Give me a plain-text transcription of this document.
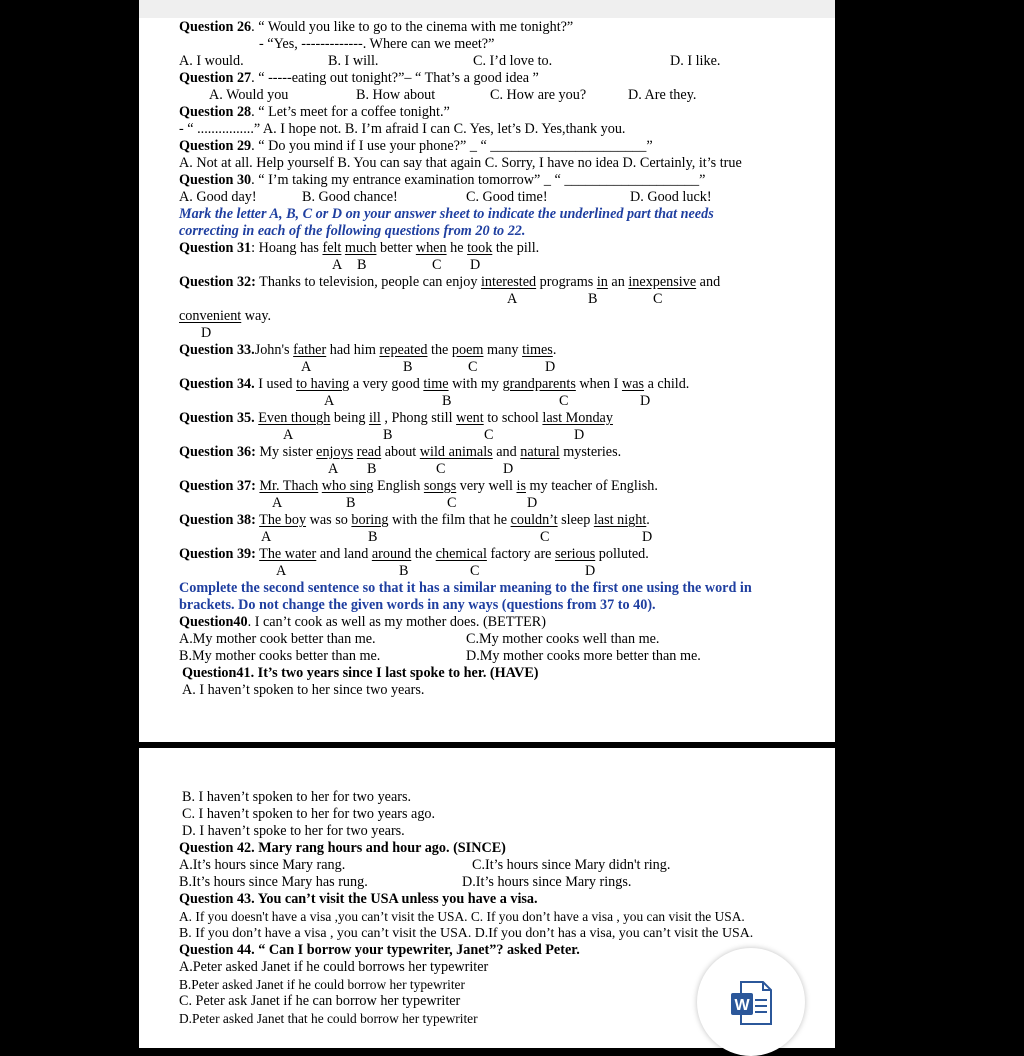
Question 26. “ Would you like to go to the cinema with me tonight?”
- “Yes, -------------. Where can we meet?”
A. I would.	B. I will.	C. I’d love to.	D. I like.
Question 27. “ -----eating out tonight?”– “ That’s a good idea ”
A. Would you	B. How about	C. How are you?	D. Are they.
Question 28. “ Let’s meet for a coffee tonight.”
- “ ................” A. I hope not. B. I’m afraid I can C. Yes, let’s D. Yes,thank you.
Question 29. “ Do you mind if I use your phone?” _ “ ______________________”
A. Not at all. Help yourself B. You can say that again C. Sorry, I have no idea D. Certainly, it’s true
Question 30. “ I’m taking my entrance examination tomorrow” _ “ ___________________”
A. Good day!	B. Good chance!	C. Good time!	D. Good luck!
Mark the letter A, B, C or D on your answer sheet to indicate the underlined part that needs
correcting in each of the following questions from 20 to 22.
Question 31: Hoang has felt much better when he took the pill.
A B	C D
Question 32: Thanks to television, people can enjoy interested programs in an inexpensive and
A	B	C
convenient way.
D
Question 33.John's father had him repeated the poem many times.
A	B	C	D
Question 34. I used to having a very good time with my grandparents when I was a child.
A	B	C	D
Question 35. Even though being ill , Phong still went to school last Monday
A	B	C	D
Question 36: My sister enjoys read about wild animals and natural mysteries.
A B	C	D
Question 37: Mr. Thach who sing English songs very well is my teacher of English.
A	B	C	D
Question 38: The boy was so boring with the film that he couldn’t sleep last night.
A	B	C	D
Question 39: The water and land around the chemical factory are serious polluted.
A	B	C	D
Complete the second sentence so that it has a similar meaning to the first one using the word in
brackets. Do not change the given words in any ways (questions from 37 to 40).
Question40. I can’t cook as well as my mother does. (BETTER)
A.My mother cook better than me.	C.My mother cooks well than me.
B.My mother cooks better than me.	D.My mother cooks more better than me.
Question41. It’s two years since I last spoke to her. (HAVE)
A. I haven’t spoken to her since two years.
B. I haven’t spoken to her for two years.
C. I haven’t spoken to her for two years ago.
D. I haven’t spoke to her for two years.
Question 42. Mary rang hours and hour ago. (SINCE)
A.It’s hours since Mary rang.	C.It’s hours since Mary didn't ring.
B.It’s hours since Mary has rung.	D.It’s hours since Mary rings.
Question 43. You can’t visit the USA unless you have a visa.
A. If you doesn't have a visa ,you can’t visit the USA. C. If you don’t have a visa , you can visit the USA.
B. If you don’t have a visa , you can’t visit the USA. D.If you don’t has a visa, you can’t visit the USA.
Question 44. “ Can I borrow your typewriter, Janet”? asked Peter.
A.Peter asked Janet if he could borrows her typewriter
B.Peter asked Janet if he could borrow her typewriter
C. Peter ask Janet if he can borrow her typewriter
D.Peter asked Janet that he could borrow her typewriter
W
